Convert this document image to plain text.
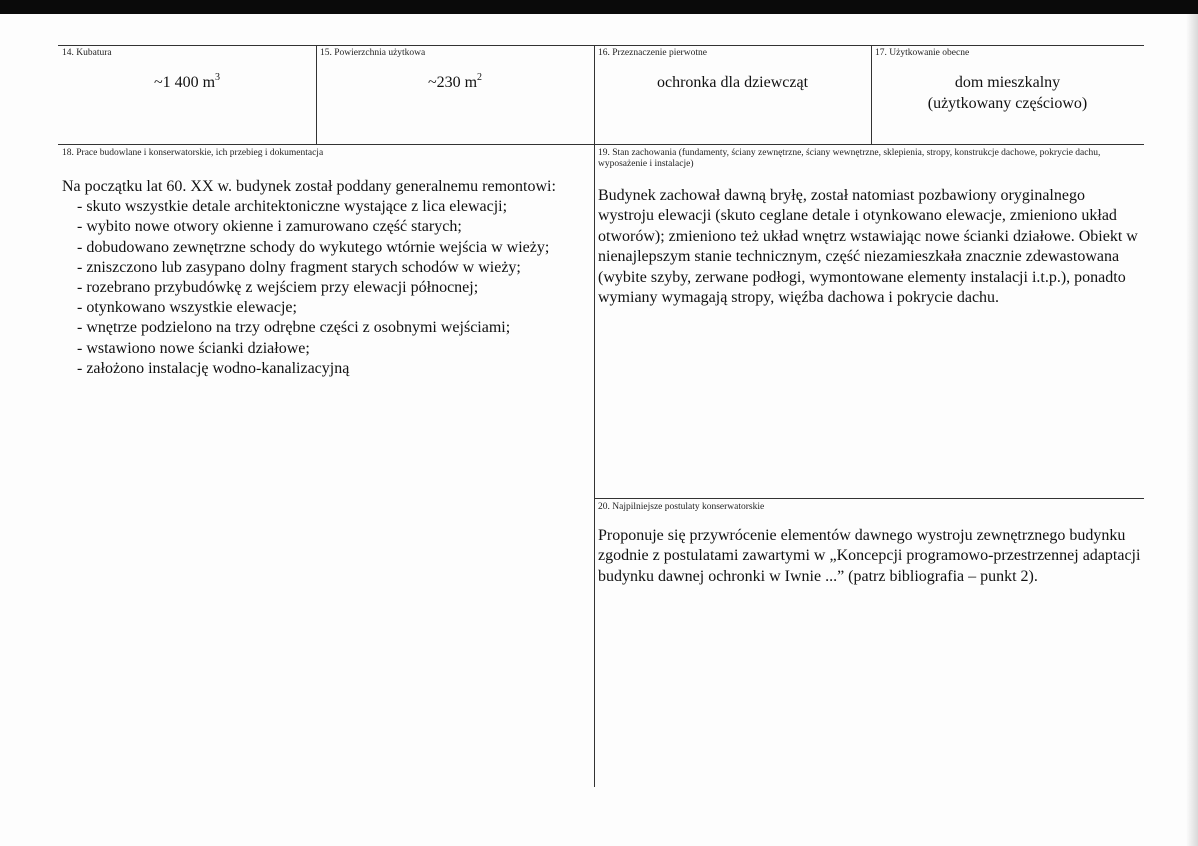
14. Kubatura
~1 400 $m^3$
15. Powierzchnia użytkowa
~230 $m^2$
16. Przeznaczenie pierwotne
ochronka dla dziewcząt
17. Użytkowanie obecne
dom mieszkalny
(użytkowany częściowo)
18. Prace budowlane i konserwatorskie, ich przebieg i dokumentacja
Na początku lat 60. XX w. budynek został poddany generalnemu remontowi:
- skuto wszystkie detale architektoniczne wystające z lica elewacji;
- wybito nowe otwory okienne i zamurowano część starych;
- dobudowano zewnętrzne schody do wykutego wtórnie wejścia w wieży;
- zniszczono lub zasypano dolny fragment starych schodów w wieży;
- rozebrano przybudówkę z wejściem przy elewacji północnej;
- otynkowano wszystkie elewacje;
- wnętrze podzielono na trzy odrębne części z osobnymi wejściami;
- wstawiono nowe ścianki działowe;
- założono instalację wodno-kanalizacyjną
19. Stan zachowania (fundamenty, ściany zewnętrzne, ściany wewnętrzne, sklepienia, stropy, konstrukcje dachowe, pokrycie dachu, wyposażenie i instalacje)
Budynek zachował dawną bryłę, został natomiast pozbawiony oryginalnego wystroju elewacji (skuto ceglane detale i otynkowano elewacje, zmieniono układ otworów); zmieniono też układ wnętrz wstawiając nowe ścianki działowe. Obiekt w nienajlepszym stanie technicznym, część niezamieszkała znacznie zdewastowana (wybite szyby, zerwane podłogi, wymontowane elementy instalacji i.t.p.), ponadto wymiany wymagają stropy, więźba dachowa i pokrycie dachu.
20. Najpilniejsze postulaty konserwatorskie
Proponuje się przywrócenie elementów dawnego wystroju zewnętrznego budynku zgodnie z postulatami zawartymi w „Koncepcji programowo-przestrzennej adaptacji budynku dawnej ochronki w Iwnie ...” (patrz bibliografia – punkt 2).
